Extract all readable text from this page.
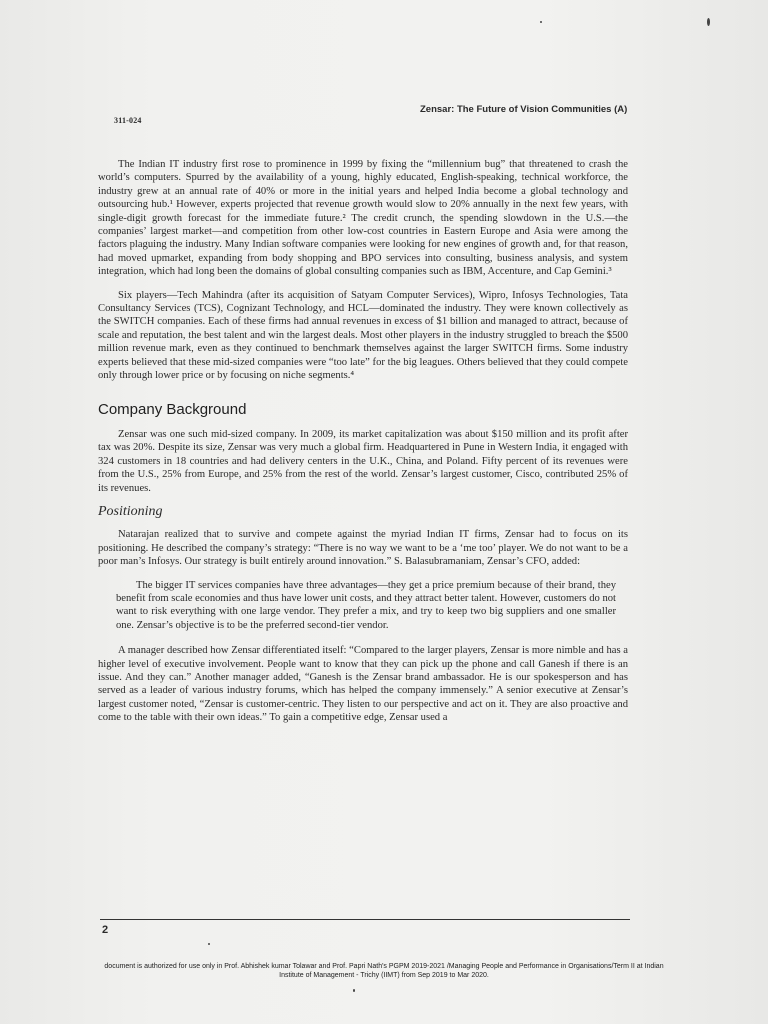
311-024
Zensar: The Future of Vision Communities (A)

The Indian IT industry first rose to prominence in 1999 by fixing the “millennium bug” that threatened to crash the world’s computers. Spurred by the availability of a young, highly educated, English-speaking, technical workforce, the industry grew at an annual rate of 40% or more in the initial years and helped India become a global technology and outsourcing hub.¹ However, experts projected that revenue growth would slow to 20% annually in the next few years, with single-digit growth forecast for the immediate future.² The credit crunch, the spending slowdown in the U.S.—the companies’ largest market—and competition from other low-cost countries in Eastern Europe and Asia were among the factors plaguing the industry. Many Indian software companies were looking for new engines of growth and, for that reason, had moved upmarket, expanding from body shopping and BPO services into consulting, business analysis, and system integration, which had long been the domains of global consulting companies such as IBM, Accenture, and Cap Gemini.³

Six players—Tech Mahindra (after its acquisition of Satyam Computer Services), Wipro, Infosys Technologies, Tata Consultancy Services (TCS), Cognizant Technology, and HCL—dominated the industry. They were known collectively as the SWITCH companies. Each of these firms had annual revenues in excess of $1 billion and managed to attract, because of scale and reputation, the best talent and win the largest deals. Most other players in the industry struggled to breach the $500 million revenue mark, even as they continued to benchmark themselves against the larger SWITCH firms. Some industry experts believed that these mid-sized companies were “too late” for the big leagues. Others believed that they could compete only through lower price or by focusing on niche segments.⁴

Company Background

Zensar was one such mid-sized company. In 2009, its market capitalization was about $150 million and its profit after tax was 20%. Despite its size, Zensar was very much a global firm. Headquartered in Pune in Western India, it engaged with 324 customers in 18 countries and had delivery centers in the U.K., China, and Poland. Fifty percent of its revenues were from the U.S., 25% from Europe, and 25% from the rest of the world. Zensar’s largest customer, Cisco, contributed 25% of its revenues.

Positioning

Natarajan realized that to survive and compete against the myriad Indian IT firms, Zensar had to focus on its positioning. He described the company’s strategy: “There is no way we want to be a ‘me too’ player. We do not want to be a poor man’s Infosys. Our strategy is built entirely around innovation.” S. Balasubramaniam, Zensar’s CFO, added:

The bigger IT services companies have three advantages—they get a price premium because of their brand, they benefit from scale economies and thus have lower unit costs, and they attract better talent. However, customers do not want to risk everything with one large vendor. They prefer a mix, and try to keep two big suppliers and one smaller one. Zensar’s objective is to be the preferred second-tier vendor.

A manager described how Zensar differentiated itself: “Compared to the larger players, Zensar is more nimble and has a higher level of executive involvement. People want to know that they can pick up the phone and call Ganesh if there is an issue. And they can.” Another manager added, “Ganesh is the Zensar brand ambassador. He is our spokesperson and has served as a leader of various industry forums, which has helped the company immensely.” A senior executive at Zensar’s largest customer noted, “Zensar is customer-centric. They listen to our perspective and act on it. They are also proactive and come to the table with their own ideas.” To gain a competitive edge, Zensar used a

2
document is authorized for use only in Prof. Abhishek kumar Tolawar and Prof. Papri Nath's PGPM 2019-2021 /Managing People and Performance in Organisations/Term II at Indian
Institute of Management - Trichy (IIMT) from Sep 2019 to Mar 2020.
